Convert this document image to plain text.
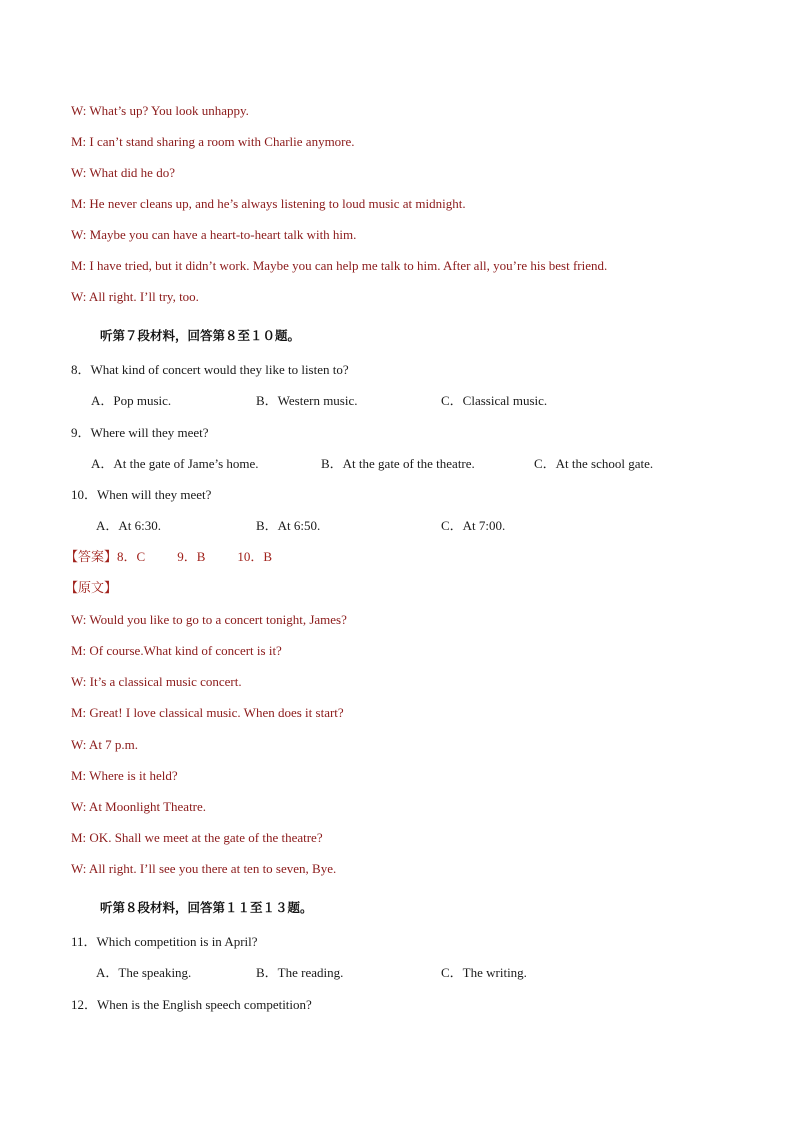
W: What’s up? You look unhappy.
M: I can’t stand sharing a room with Charlie anymore.
W: What did he do?
M: He never cleans up, and he’s always listening to loud music at midnight.
W: Maybe you can have a heart-to-heart talk with him.
M: I have tried, but it didn’t work. Maybe you can help me talk to him. After all, you’re his best friend.
W: All right. I’ll try, too.
听第７段材料，回答第８至１０题。
8．What kind of concert would they like to listen to?
A．Pop music.	B．Western music.	C．Classical music.
9．Where will they meet?
A．At the gate of Jame’s home.	B．At the gate of the theatre.	C．At the school gate.
10．When will they meet?
A．At 6:30.	B．At 6:50.	C．At 7:00.
【答案】8．C 9．B 10．B
【原文】
W: Would you like to go to a concert tonight, James?
M: Of course.What kind of concert is it?
W: It’s a classical music concert.
M: Great! I love classical music. When does it start?
W: At 7 p.m.
M: Where is it held?
W: At Moonlight Theatre.
M: OK. Shall we meet at the gate of the theatre?
W: All right. I’ll see you there at ten to seven, Bye.
听第８段材料，回答第１１至１３题。
11．Which competition is in April?
A．The speaking.	B．The reading.	C．The writing.
12．When is the English speech competition?
